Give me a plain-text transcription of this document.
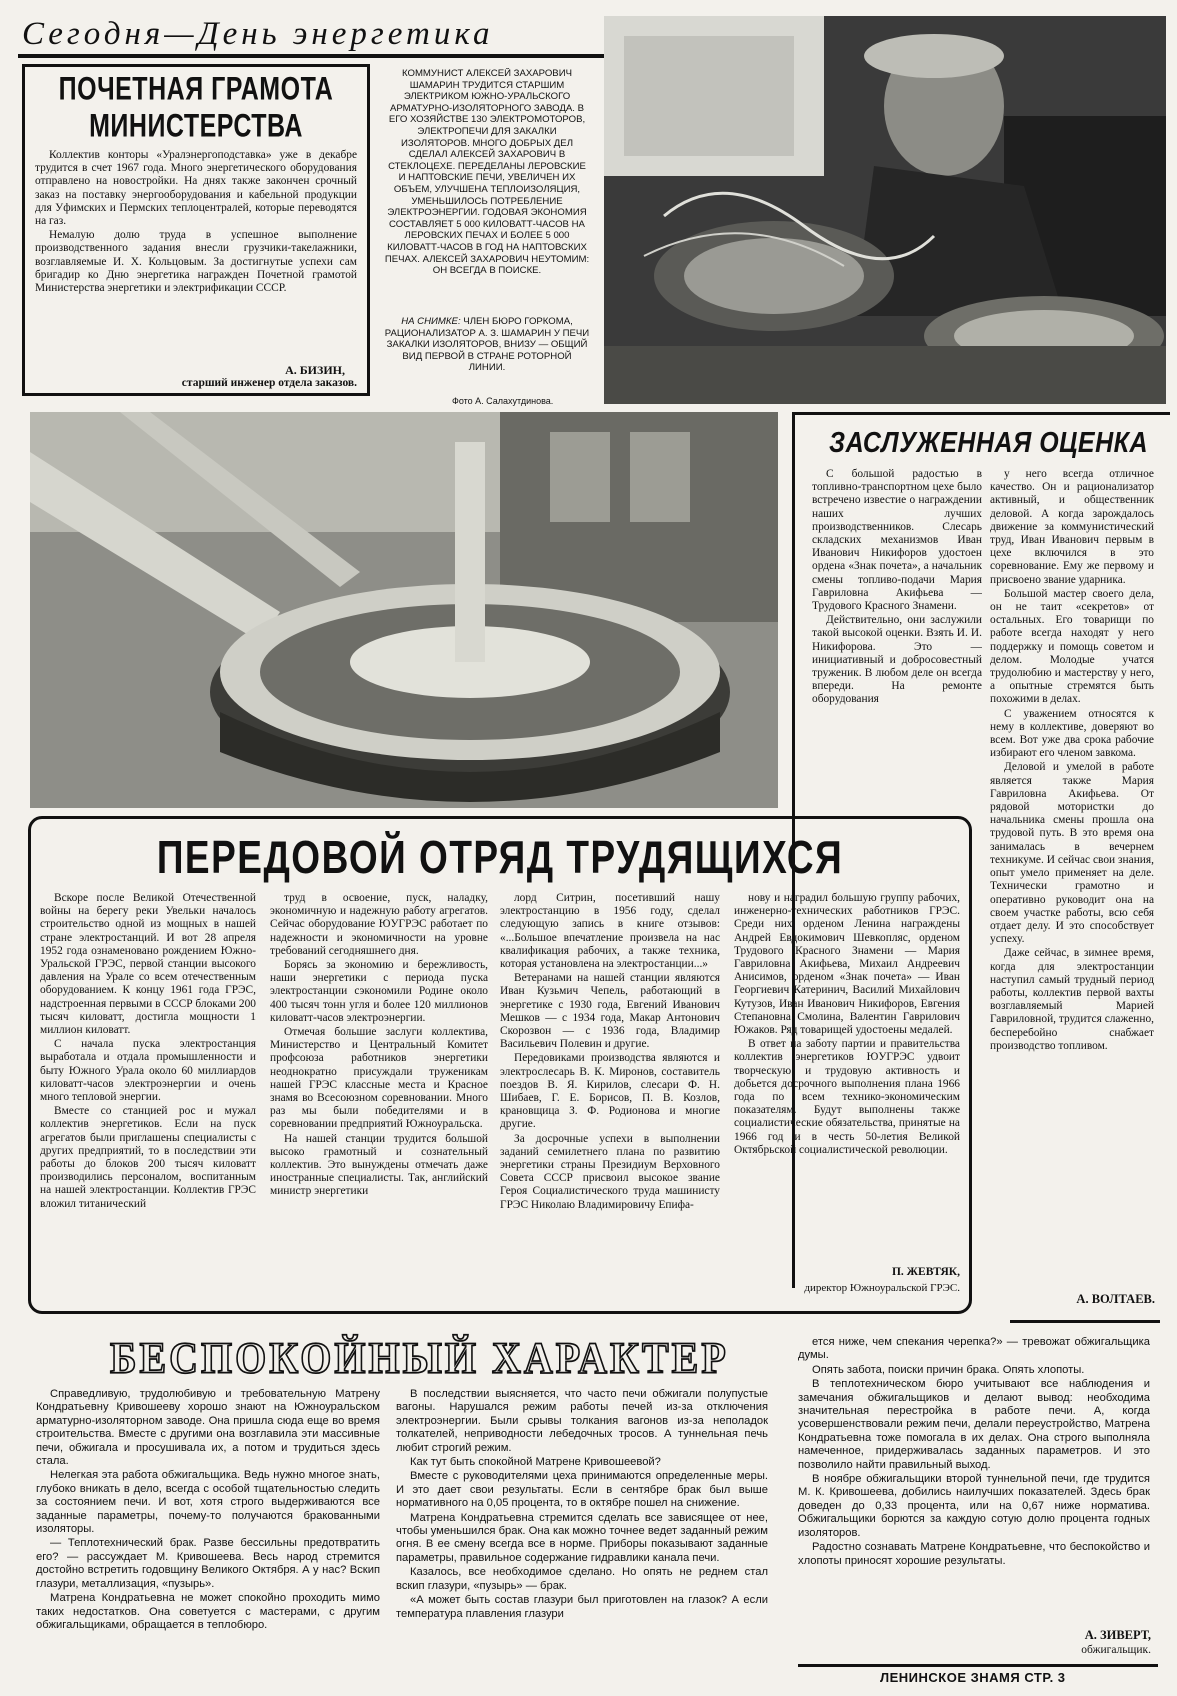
Сегодня—День энергетика
ПОЧЕТНАЯ ГРАМОТА
МИНИСТЕРСТВА

Коллектив конторы «Уралэнергоподставка» уже в декабре трудится в счет 1967 года. Много энергетического оборудования отправлено на новостройки. На днях также закончен срочный заказ на поставку энергооборудования и кабельной продукции для Уфимских и Пермских теплоцентралей, которые переводятся на газ.

Немалую долю труда в успешное выполнение производственного задания внесли грузчики-такелажники, возглавляемые И. Х. Кольцовым. За достигнутые успехи сам бригадир ко Дню энергетика награжден Почетной грамотой Министерства энергетики и электрификации СССР.

А. БИЗИН,
старший инженер отдела заказов.
КОММУНИСТ АЛЕКСЕЙ ЗАХАРОВИЧ ШАМАРИН ТРУДИТСЯ СТАРШИМ ЭЛЕКТРИКОМ ЮЖНО-УРАЛЬСКОГО АРМАТУРНО-ИЗОЛЯТОРНОГО ЗАВОДА. В ЕГО ХОЗЯЙСТВЕ 130 ЭЛЕКТРОМОТОРОВ, ЭЛЕКТРОПЕЧИ ДЛЯ ЗАКАЛКИ ИЗОЛЯТОРОВ. МНОГО ДОБРЫХ ДЕЛ СДЕЛАЛ АЛЕКСЕЙ ЗАХАРОВИЧ В СТЕКЛОЦЕХЕ. ПЕРЕДЕЛАНЫ ЛЕРОВСКИЕ И НАПТОВСКИЕ ПЕЧИ, УВЕЛИЧЕН ИХ ОБЪЕМ, УЛУЧШЕНА ТЕПЛОИЗОЛЯЦИЯ, УМЕНЬШИЛОСЬ ПОТРЕБЛЕНИЕ ЭЛЕКТРОЭНЕРГИИ. ГОДОВАЯ ЭКОНОМИЯ СОСТАВЛЯЕТ 5 000 КИЛОВАТТ-ЧАСОВ НА ЛЕРОВСКИХ ПЕЧАХ И БОЛЕЕ 5 000 КИЛОВАТТ-ЧАСОВ В ГОД НА НАПТОВСКИХ ПЕЧАХ. АЛЕКСЕЙ ЗАХАРОВИЧ НЕУТОМИМ: ОН ВСЕГДА В ПОИСКЕ.
НА СНИМКЕ: ЧЛЕН БЮРО ГОРКОМА, РАЦИОНАЛИЗАТОР А. З. ШАМАРИН У ПЕЧИ ЗАКАЛКИ ИЗОЛЯТОРОВ, ВНИЗУ — ОБЩИЙ ВИД ПЕРВОЙ В СТРАНЕ РОТОРНОЙ ЛИНИИ.
Фото А. Салахутдинова.
ЗАСЛУЖЕННАЯ ОЦЕНКА

С большой радостью в топливно-транспортном цехе было встречено известие о награждении наших лучших производственников. Слесарь складских механизмов Иван Иванович Никифоров удостоен ордена «Знак почета», а начальник смены топливо-подачи Мария Гавриловна Акифьева — Трудового Красного Знамени.

Действительно, они заслужили такой высокой оценки. Взять И. И. Никифорова. Это — инициативный и добросовестный труженик. В любом деле он всегда впереди. На ремонте оборудования

у него всегда отличное качество. Он и рационализатор активный, и общественник деловой. А когда зарождалось движение за коммунистический труд, Иван Иванович первым в цехе включился в это соревнование. Ему же первому и присвоено звание ударника.

Большой мастер своего дела, он не таит «секретов» от остальных. Его товарищи по работе всегда находят у него поддержку и помощь советом и делом. Молодые учатся трудолюбию и мастерству у него, а опытные стремятся быть похожими в делах.

С уважением относятся к нему в коллективе, доверяют во всем. Вот уже два срока рабочие избирают его членом завкома.

Деловой и умелой в работе является также Мария Гавриловна Акифьева. От рядовой мотористки до начальника смены прошла она трудовой путь. В это время она занималась в вечернем техникуме. И сейчас свои знания, опыт умело применяет на деле. Технически грамотно и оперативно руководит она на своем участке работы, всю себя отдает делу. И это способствует успеху.

Даже сейчас, в зимнее время, когда для электростанции наступил самый трудный период работы, коллектив первой вахты возглавляемый Марией Гавриловной, трудится слаженно, бесперебойно снабжает производство топливом.

А. ВОЛТАЕВ.
ПЕРЕДОВОЙ ОТРЯД ТРУДЯЩИХСЯ

Вскоре после Великой Отечественной войны на берегу реки Увельки началось строительство одной из мощных в нашей стране электростанций. И вот 28 апреля 1952 года ознаменовано рождением Южно-Уральской ГРЭС, первой станции высокого давления на Урале со всем отечественным оборудованием. К концу 1961 года ГРЭС, надстроенная первыми в СССР блоками 200 тысяч киловатт, достигла мощности 1 миллион киловатт.

С начала пуска электростанция выработала и отдала промышленности и быту Южного Урала около 60 миллиардов киловатт-часов электроэнергии и очень много тепловой энергии.

Вместе со станцией рос и мужал коллектив энергетиков. Если на пуск агрегатов были приглашены специалисты с других предприятий, то в последствии эти работы до блоков 200 тысяч киловатт производились персоналом, воспитанным на нашей электростанции. Коллектив ГРЭС вложил титанический

труд в освоение, пуск, наладку, экономичную и надежную работу агрегатов. Сейчас оборудование ЮУГРЭС работает по надежности и экономичности на уровне требований сегодняшнего дня.

Борясь за экономию и бережливость, наши энергетики с периода пуска электростанции сэкономили Родине около 400 тысяч тонн угля и более 120 миллионов киловатт-часов электроэнергии.

Отмечая большие заслуги коллектива, Министерство и Центральный Комитет профсоюза работников энергетики неоднократно присуждали труженикам нашей ГРЭС классные места и Красное знамя во Всесоюзном соревновании. Много раз мы были победителями и в соревновании предприятий Южноуральска.

На нашей станции трудится большой высоко грамотный и сознательный коллектив. Это вынуждены отмечать даже иностранные специалисты. Так, английский министр энергетики

лорд Ситрин, посетивший нашу электростанцию в 1956 году, сделал следующую запись в книге отзывов: «...Большое впечатление произвела на нас квалификация рабочих, а также техника, которая установлена на электростанции...»

Ветеранами на нашей станции являются Иван Кузьмич Чепель, работающий в энергетике с 1930 года, Евгений Иванович Мешков — с 1934 года, Макар Антонович Скорозвон — с 1936 года, Владимир Васильевич Полевин и другие.

Передовиками производства являются и электрослесарь В. К. Миронов, составитель поездов В. Я. Кирилов, слесари Ф. Н. Шибаев, Г. Е. Борисов, П. В. Козлов, крановщица З. Ф. Родионова и многие другие.

За досрочные успехи в выполнении заданий семилетнего плана по развитию энергетики страны Президиум Верховного Совета СССР присвоил высокое звание Героя Социалистического труда машинисту ГРЭС Николаю Владимировичу Епифа-

нову и наградил большую группу рабочих, инженерно-технических работников ГРЭС. Среди них орденом Ленина награждены Андрей Евдокимович Шевкопляс, орденом Трудового Красного Знамени — Мария Гавриловна Акифьева, Михаил Андреевич Анисимов, орденом «Знак почета» — Иван Георгиевич Катеринич, Василий Михайлович Кутузов, Иван Иванович Никифоров, Евгения Степановна Смолина, Валентин Гаврилович Южаков. Ряд товарищей удостоены медалей.

В ответ на заботу партии и правительства коллектив энергетиков ЮУГРЭС удвоит творческую и трудовую активность и добьется досрочного выполнения плана 1966 года по всем технико-экономическим показателям. Будут выполнены также социалистические обязательства, принятые на 1966 год и в честь 50-летия Великой Октябрьской социалистической революции.

П. ЖЕВТЯК,
директор Южноуральской ГРЭС.
БЕСПОКОЙНЫЙ ХАРАКТЕР

Справедливую, трудолюбивую и требовательную Матрену Кондратьевну Кривошееву хорошо знают на Южноуральском арматурно-изоляторном заводе. Она пришла сюда еще во время строительства. Вместе с другими она возглавила эти массивные печи, обжигала и просушивала их, а потом и трудиться здесь стала.

Нелегкая эта работа обжигальщика. Ведь нужно многое знать, глубоко вникать в дело, всегда с особой тщательностью следить за состоянием печи. И вот, хотя строго выдерживаются все заданные параметры, почему-то получаются бракованными изоляторы.

— Теплотехнический брак. Разве бессильны предотвратить его? — рассуждает М. Кривошеева. Весь народ стремится достойно встретить годовщину Великого Октября. А у нас? Вскип глазури, металлизация, «пузырь».

Матрена Кондратьевна не может спокойно проходить мимо таких недостатков. Она советуется с мастерами, с другим обжигальщиками, обращается в теплобюро.

В последствии выясняется, что часто печи обжигали полупустые вагоны. Нарушался режим работы печей из-за отключения электроэнергии. Были срывы толкания вагонов из-за неполадок толкателей, неприводности лебедочных тросов. А туннельная печь любит строгий режим.

Как тут быть спокойной Матрене Кривошеевой?

Вместе с руководителями цеха принимаются определенные меры. И это дает свои результаты. Если в сентябре брак был выше нормативного на 0,05 процента, то в октябре пошел на снижение.

Матрена Кондратьевна стремится сделать все зависящее от нее, чтобы уменьшился брак. Она как можно точнее ведет заданный режим огня. В ее смену всегда все в норме. Приборы показывают заданные параметры, правильное содержание гидравлики канала печи.

Казалось, все необходимое сделано. Но опять не реднем стал вскип глазури, «пузырь» — брак.

«А может быть состав глазури был приготовлен на глазок? А если температура плавления глазури

ется ниже, чем спекания черепка?» — тревожат обжигальщика думы.

Опять забота, поиски причин брака. Опять хлопоты.

В теплотехническом бюро учитывают все наблюдения и замечания обжигальщиков и делают вывод: необходима значительная перестройка в работе печи. А, когда усовершенствовали режим печи, делали переустройство, Матрена Кондратьевна тоже помогала в их делах. Она строго выполняла намеченное, придерживалась заданных параметров. И это позволило найти правильный выход.

В ноябре обжигальщики второй туннельной печи, где трудится М. К. Кривошеева, добились наилучших показателей. Здесь брак доведен до 0,33 процента, или на 0,67 ниже норматива. Обжигальщики борются за каждую сотую долю процента годных изоляторов.

Радостно сознавать Матрене Кондратьевне, что беспокойство и хлопоты приносят хорошие результаты.

А. ЗИВЕРТ,
обжигальщик.
ЛЕНИНСКОЕ ЗНАМЯ СТР. 3
